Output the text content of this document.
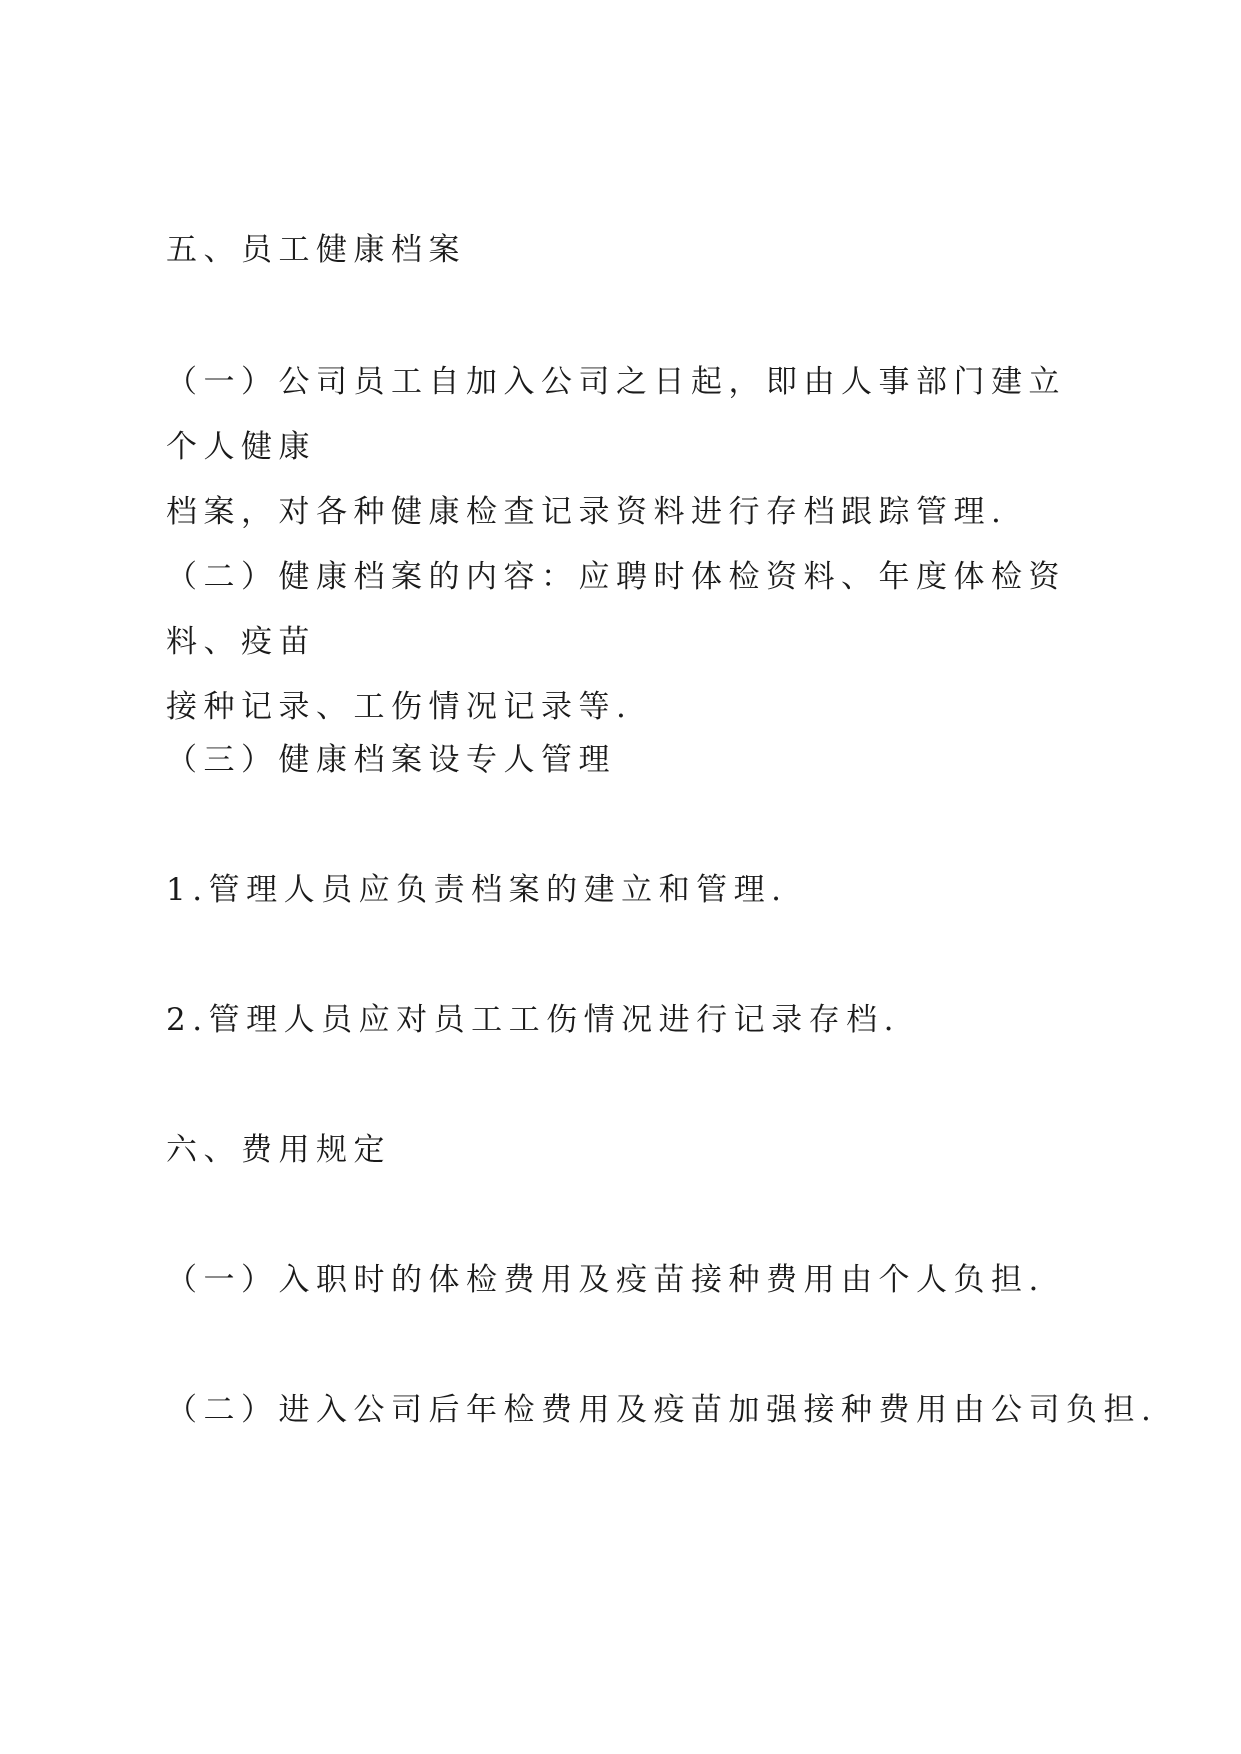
五、员工健康档案

（一）公司员工自加入公司之日起，即由人事部门建立个人健康
档案，对各种健康检查记录资料进行存档跟踪管理.
（二）健康档案的内容：应聘时体检资料、年度体检资料、疫苗
接种记录、工伤情况记录等.

（三）健康档案设专人管理

1.管理人员应负责档案的建立和管理.

2.管理人员应对员工工伤情况进行记录存档.

六、费用规定

（一）入职时的体检费用及疫苗接种费用由个人负担.

（二）进入公司后年检费用及疫苗加强接种费用由公司负担.
